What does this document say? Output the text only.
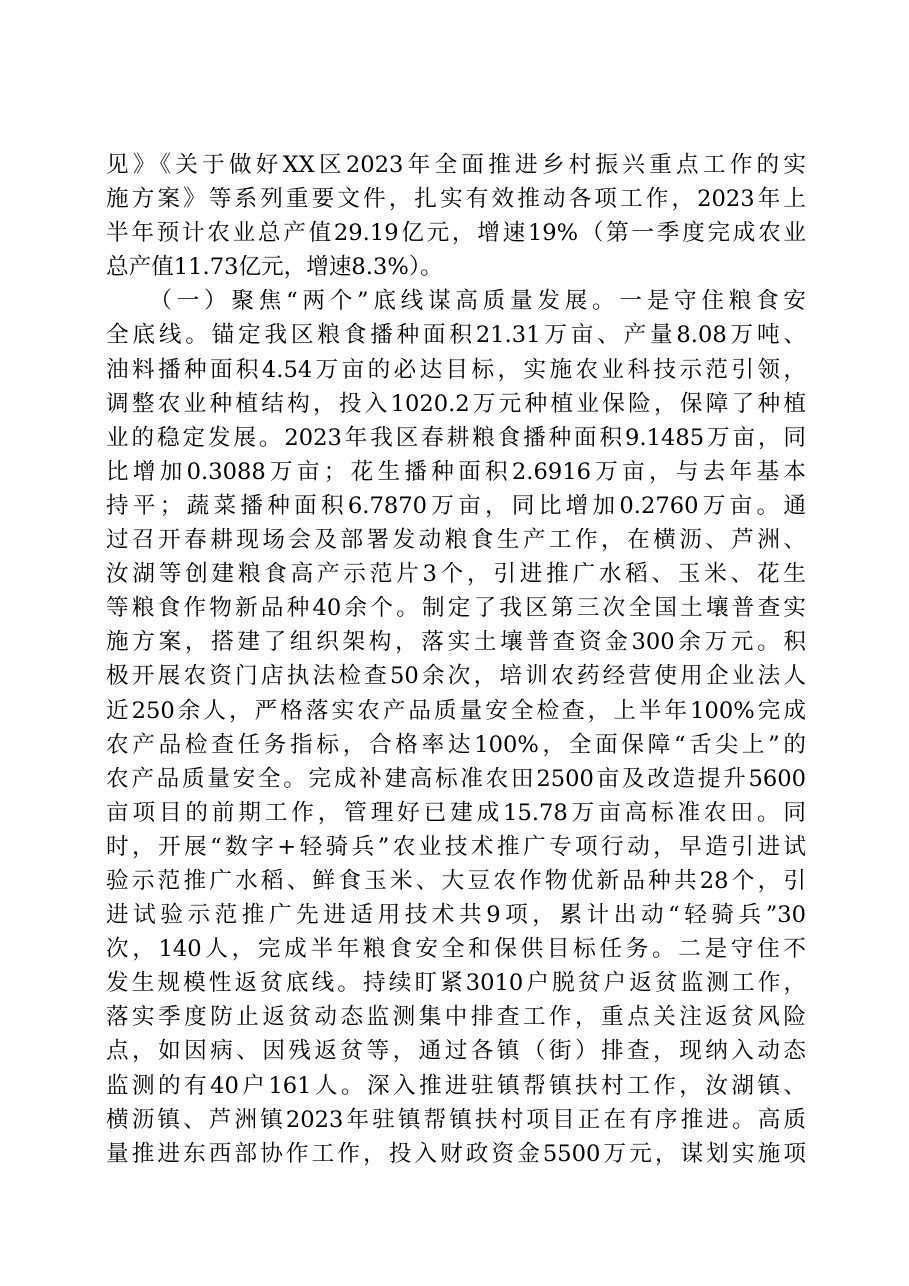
见》《关于做好XX区2023年全面推进乡村振兴重点工作的实
施方案》等系列重要文件，扎实有效推动各项工作，2023年上
半年预计农业总产值29.19亿元，增速19%（第一季度完成农业
总产值11.73亿元，增速8.3%）。
　　（一）聚焦“两个”底线谋高质量发展。一是守住粮食安
全底线。锚定我区粮食播种面积21.31万亩、产量8.08万吨、
油料播种面积4.54万亩的必达目标，实施农业科技示范引领，
调整农业种植结构，投入1020.2万元种植业保险，保障了种植
业的稳定发展。2023年我区春耕粮食播种面积9.1485万亩，同
比增加0.3088万亩；花生播种面积2.6916万亩，与去年基本
持平；蔬菜播种面积6.7870万亩，同比增加0.2760万亩。通
过召开春耕现场会及部署发动粮食生产工作，在横沥、芦洲、
汝湖等创建粮食高产示范片3个，引进推广水稻、玉米、花生
等粮食作物新品种40余个。制定了我区第三次全国土壤普查实
施方案，搭建了组织架构，落实土壤普查资金300余万元。积
极开展农资门店执法检查50余次，培训农药经营使用企业法人
近250余人，严格落实农产品质量安全检查，上半年100%完成
农产品检查任务指标，合格率达100%，全面保障“舌尖上”的
农产品质量安全。完成补建高标准农田2500亩及改造提升5600
亩项目的前期工作，管理好已建成15.78万亩高标准农田。同
时，开展“数字+轻骑兵”农业技术推广专项行动，早造引进试
验示范推广水稻、鲜食玉米、大豆农作物优新品种共28个，引
进试验示范推广先进适用技术共9项，累计出动“轻骑兵”30
次，140人，完成半年粮食安全和保供目标任务。二是守住不
发生规模性返贫底线。持续盯紧3010户脱贫户返贫监测工作，
落实季度防止返贫动态监测集中排查工作，重点关注返贫风险
点，如因病、因残返贫等，通过各镇（街）排查，现纳入动态
监测的有40户161人。深入推进驻镇帮镇扶村工作，汝湖镇、
横沥镇、芦洲镇2023年驻镇帮镇扶村项目正在有序推进。高质
量推进东西部协作工作，投入财政资金5500万元，谋划实施项
